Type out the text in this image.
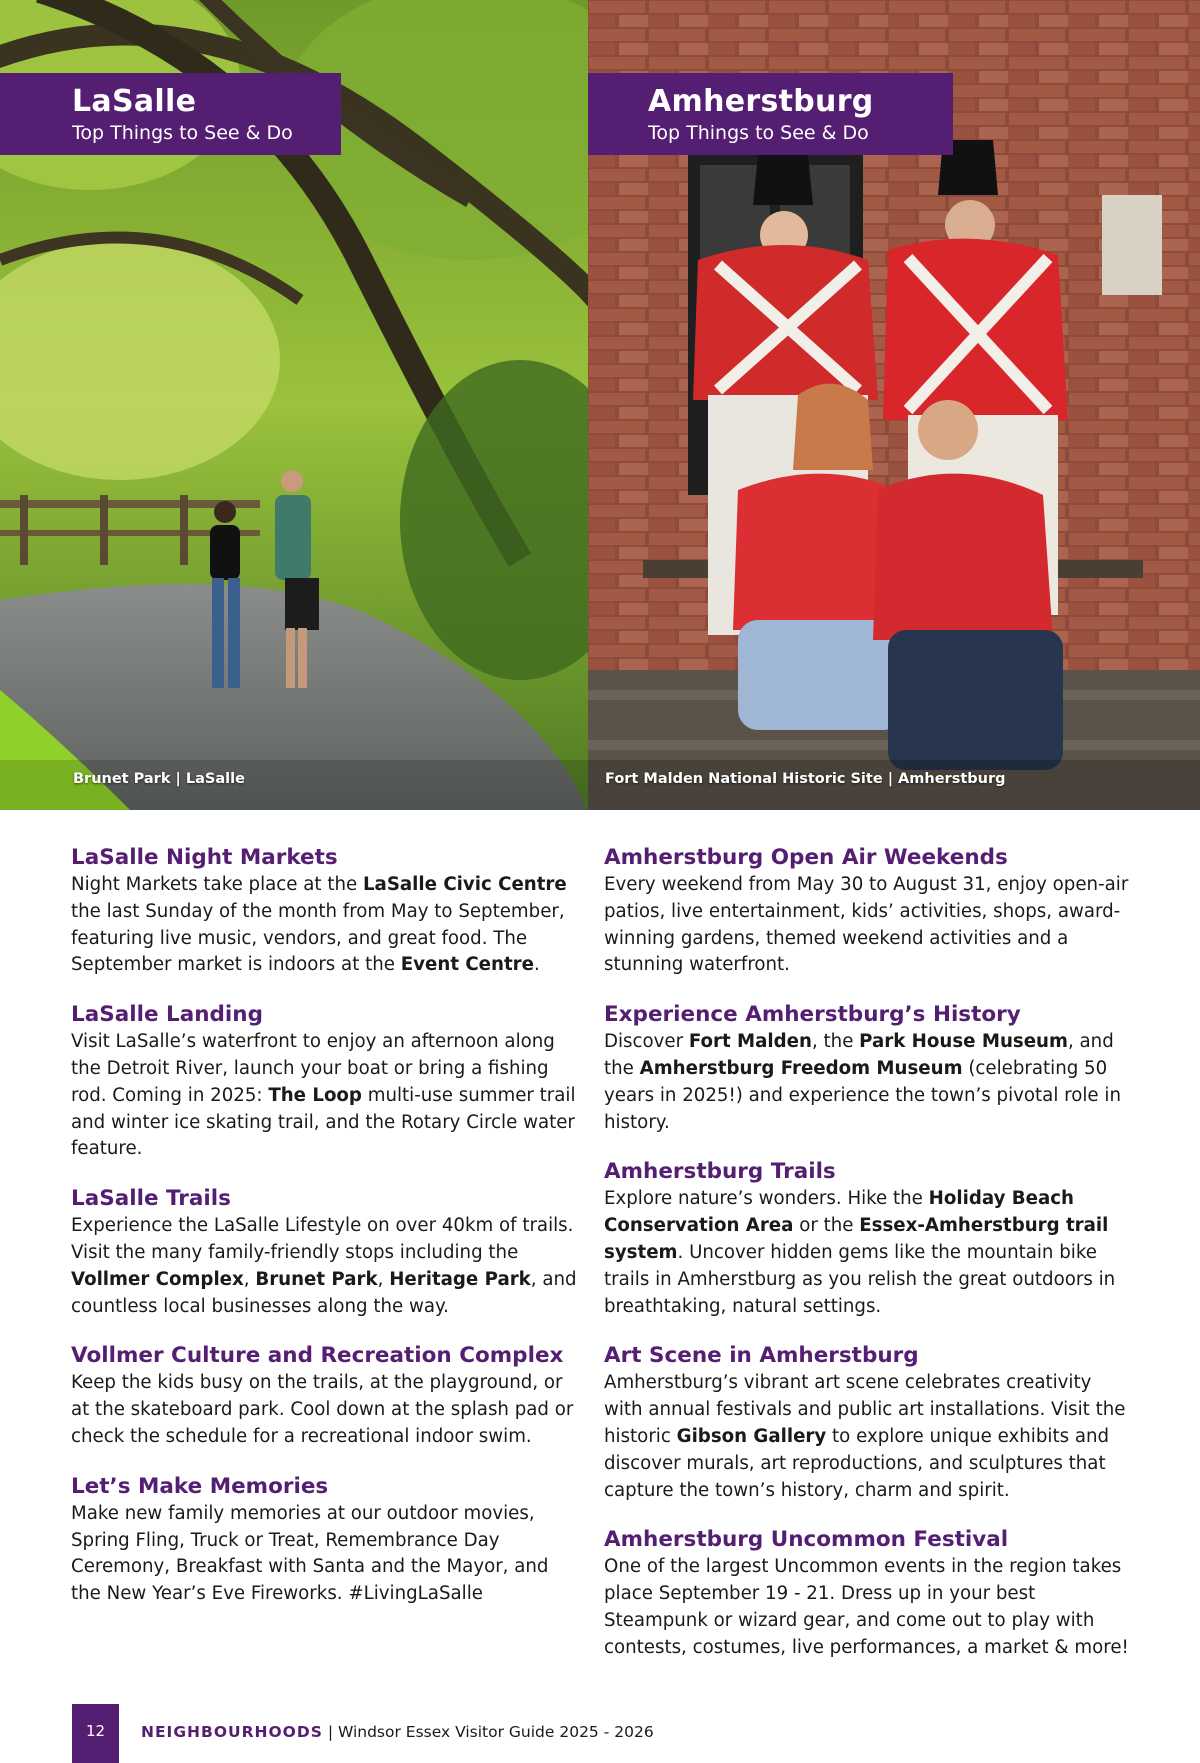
LaSalle
Top Things to See & Do
Amherstburg
Top Things to See & Do
Brunet Park | LaSalle	Fort Malden National Historic Site | Amherstburg
LaSalle Night Markets

Night Markets take place at the LaSalle Civic Centre the last Sunday of the month from May to September, featuring live music, vendors, and great food. The September market is indoors at the Event Centre.

LaSalle Landing

Visit LaSalle’s waterfront to enjoy an afternoon along the Detroit River, launch your boat or bring a fishing rod. Coming in 2025: The Loop multi-use summer trail and winter ice skating trail, and the Rotary Circle water feature.

LaSalle Trails

Experience the LaSalle Lifestyle on over 40km of trails. Visit the many family-friendly stops including the Vollmer Complex, Brunet Park, Heritage Park, and countless local businesses along the way.

Vollmer Culture and Recreation Complex

Keep the kids busy on the trails, at the playground, or at the skateboard park. Cool down at the splash pad or check the schedule for a recreational indoor swim.

Let’s Make Memories

Make new family memories at our outdoor movies, Spring Fling, Truck or Treat, Remembrance Day Ceremony, Breakfast with Santa and the Mayor, and the New Year’s Eve Fireworks. #LivingLaSalle

Amherstburg Open Air Weekends

Every weekend from May 30 to August 31, enjoy open-air patios, live entertainment, kids’ activities, shops, award-winning gardens, themed weekend activities and a stunning waterfront.

Experience Amherstburg’s History

Discover Fort Malden, the Park House Museum, and the Amherstburg Freedom Museum (celebrating 50 years in 2025!) and experience the town’s pivotal role in history.

Amherstburg Trails

Explore nature’s wonders. Hike the Holiday Beach Conservation Area or the Essex-Amherstburg trail system. Uncover hidden gems like the mountain bike trails in Amherstburg as you relish the great outdoors in breathtaking, natural settings.

Art Scene in Amherstburg

Amherstburg’s vibrant art scene celebrates creativity with annual festivals and public art installations. Visit the historic Gibson Gallery to explore unique exhibits and discover murals, art reproductions, and sculptures that capture the town’s history, charm and spirit.

Amherstburg Uncommon Festival

One of the largest Uncommon events in the region takes place September 19 - 21. Dress up in your best Steampunk or wizard gear, and come out to play with contests, costumes, live performances, a market & more!

12	NEIGHBOURHOODS | Windsor Essex Visitor Guide 2025 - 2026
